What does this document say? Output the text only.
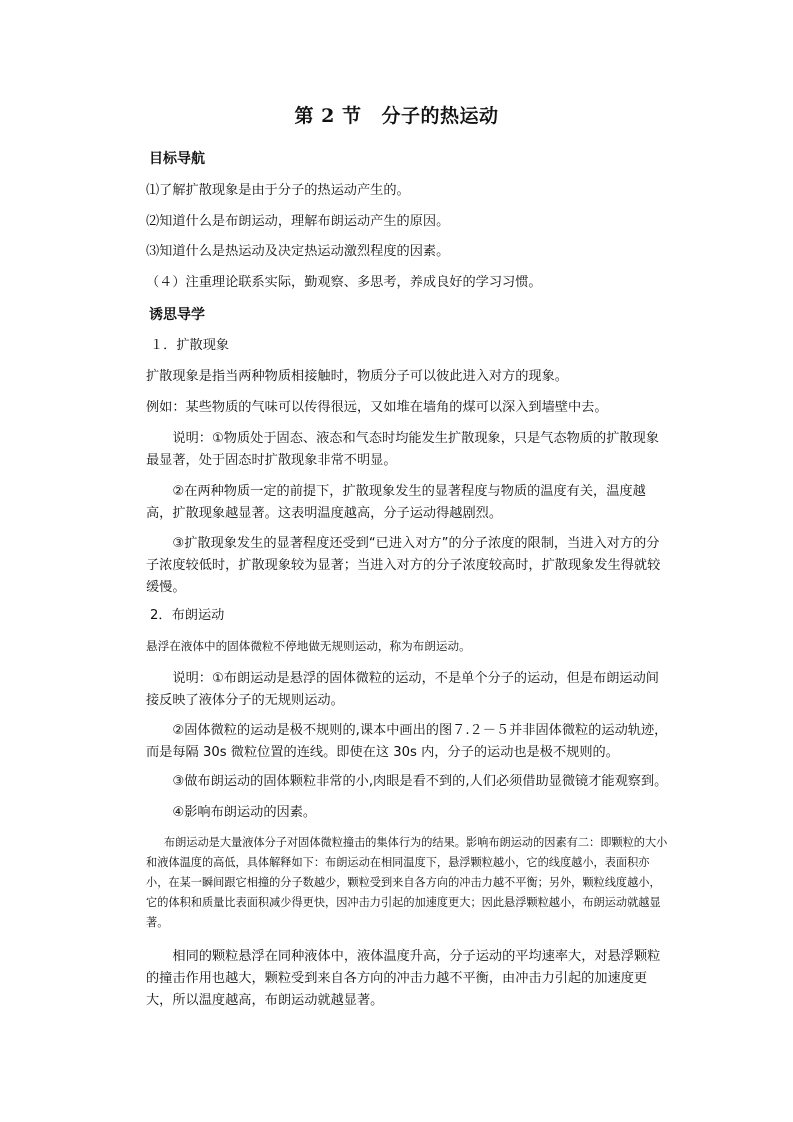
第 2 节 分子的热运动
目标导航
⑴了解扩散现象是由于分子的热运动产生的。
⑵知道什么是布朗运动，理解布朗运动产生的原因。
⑶知道什么是热运动及决定热运动激烈程度的因素。
（４）注重理论联系实际，勤观察、多思考，养成良好的学习习惯。
诱思导学
１．扩散现象
扩散现象是指当两种物质相接触时，物质分子可以彼此进入对方的现象。
例如：某些物质的气味可以传得很远，又如堆在墙角的煤可以深入到墙壁中去。
说明：①物质处于固态、液态和气态时均能发生扩散现象，只是气态物质的扩散现象最显著，处于固态时扩散现象非常不明显。
②在两种物质一定的前提下，扩散现象发生的显著程度与物质的温度有关，温度越高，扩散现象越显著。这表明温度越高，分子运动得越剧烈。
③扩散现象发生的显著程度还受到“已进入对方”的分子浓度的限制，当进入对方的分子浓度较低时，扩散现象较为显著；当进入对方的分子浓度较高时，扩散现象发生得就较缓慢。
2．布朗运动
悬浮在液体中的固体微粒不停地做无规则运动，称为布朗运动。
说明：①布朗运动是悬浮的固体微粒的运动，不是单个分子的运动，但是布朗运动间接反映了液体分子的无规则运动。
②固体微粒的运动是极不规则的,课本中画出的图７.２－５并非固体微粒的运动轨迹，而是每隔 30s 微粒位置的连线。即使在这 30s 内，分子的运动也是极不规则的。
③做布朗运动的固体颗粒非常的小,肉眼是看不到的,人们必须借助显微镜才能观察到。
④影响布朗运动的因素。
布朗运动是大量液体分子对固体微粒撞击的集体行为的结果。影响布朗运动的因素有二：即颗粒的大小和液体温度的高低，具体解释如下：布朗运动在相同温度下，悬浮颗粒越小，它的线度越小，表面积亦小，在某一瞬间跟它相撞的分子数越少，颗粒受到来自各方向的冲击力越不平衡；另外，颗粒线度越小，它的体积和质量比表面积减少得更快，因冲击力引起的加速度更大；因此悬浮颗粒越小，布朗运动就越显著。
相同的颗粒悬浮在同种液体中，液体温度升高，分子运动的平均速率大，对悬浮颗粒的撞击作用也越大，颗粒受到来自各方向的冲击力越不平衡，由冲击力引起的加速度更大，所以温度越高，布朗运动就越显著。
